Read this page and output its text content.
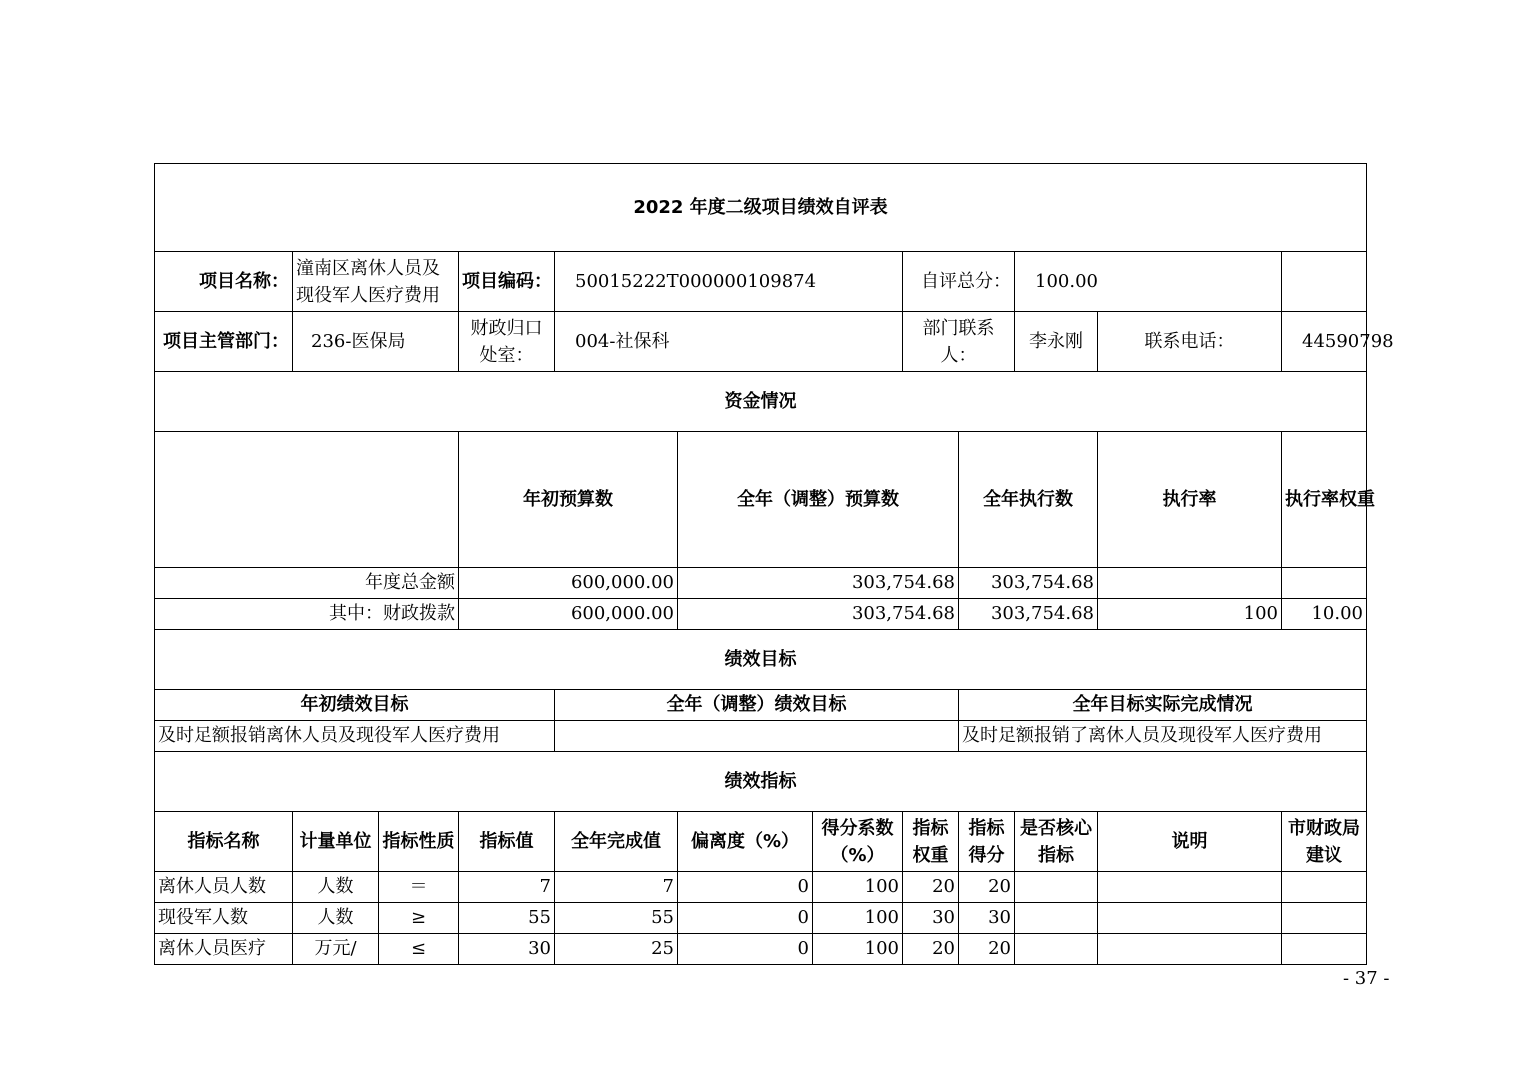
2022 年度二级项目绩效自评表												
项目名称：	潼南区离休人员及现役军人医疗费用		项目编码：	50015222T000000109874			自评总分：		100.00			
项目主管部门：	236-医保局		财政归口处室：	004-社保科			部门联系人：		李永刚	联系电话：	44590798	
资金情况												
			年初预算数		全年（调整）预算数			全年执行数		执行率	执行率权重	
年度总金额			600,000.00		303,754.68			303,754.68				
其中：财政拨款			600,000.00		303,754.68			303,754.68		100	10.00	
绩效目标												
年初绩效目标				全年（调整）绩效目标				全年目标实际完成情况				
及时足额报销离休人员及现役军人医疗费用								及时足额报销了离休人员及现役军人医疗费用				
绩效指标												
指标名称	计量单位	指标性质	指标值	全年完成值	偏离度（%）	得分系数（%）	指标权重	指标得分	是否核心指标	说明	市财政局建议	
离休人员人数	人数	＝	7	7	0	100	20	20				
现役军人数	人数	≥	55	55	0	100	30	30				
离休人员医疗	万元/	≤	30	25	0	100	20	20				
- 37 -
